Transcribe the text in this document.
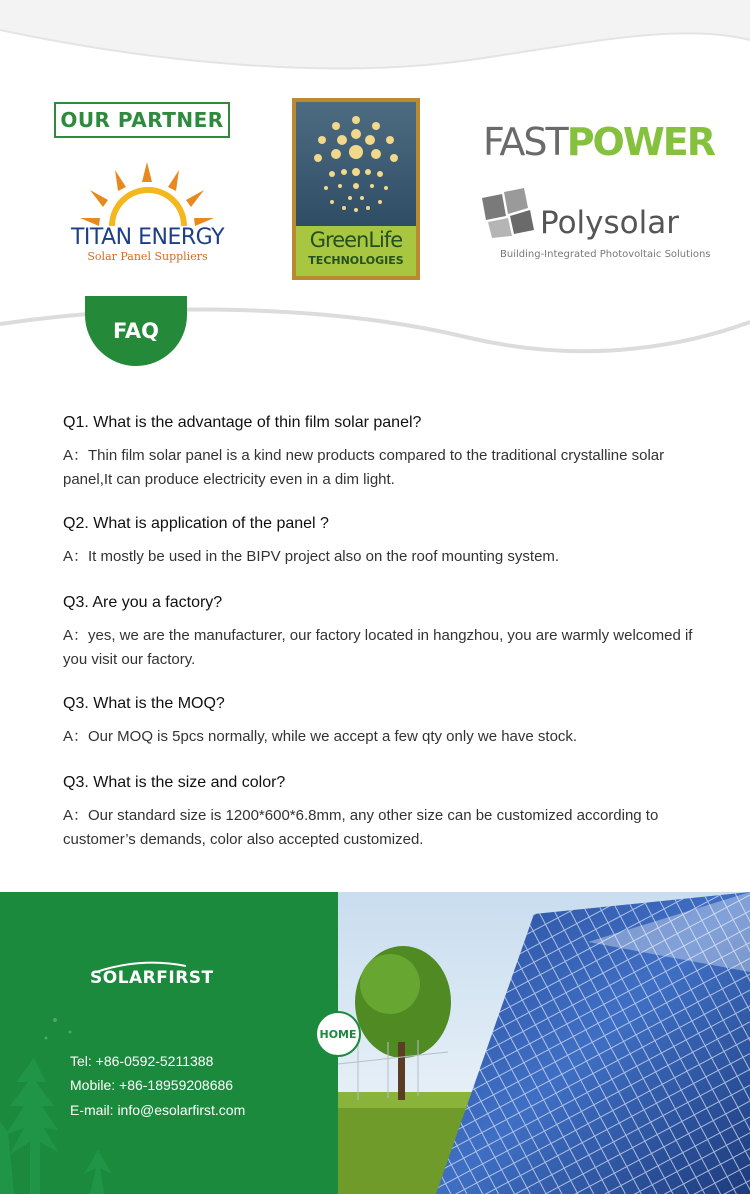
OUR PARTNER
TITAN ENERGY
Solar Panel Suppliers
GreenLife
TECHNOLOGIES
FASTPOWER
Polysolar
Building-Integrated Photovoltaic Solutions
FAQ
Q1. What is the advantage of thin film solar panel?
A：Thin film solar panel is a kind new products compared to the traditional crystalline solar panel,It can produce electricity even in a dim light.
Q2. What is application of the panel ?
A：It mostly be used in the BIPV project also on the roof mounting system.
Q3. Are you a factory?
A：yes, we are the manufacturer, our factory located in hangzhou, you are warmly welcomed if you visit our factory.
Q3. What is the MOQ?
A：Our MOQ is 5pcs normally, while we accept a few qty only we have stock.
Q3. What is the size and color?
A：Our standard size is 1200*600*6.8mm, any other size can be customized according to customer’s demands, color also accepted customized.
SOLARFIRST
Tel: +86-0592-5211388
Mobile: +86-18959208686
E-mail: info@esolarfirst.com
HOME
